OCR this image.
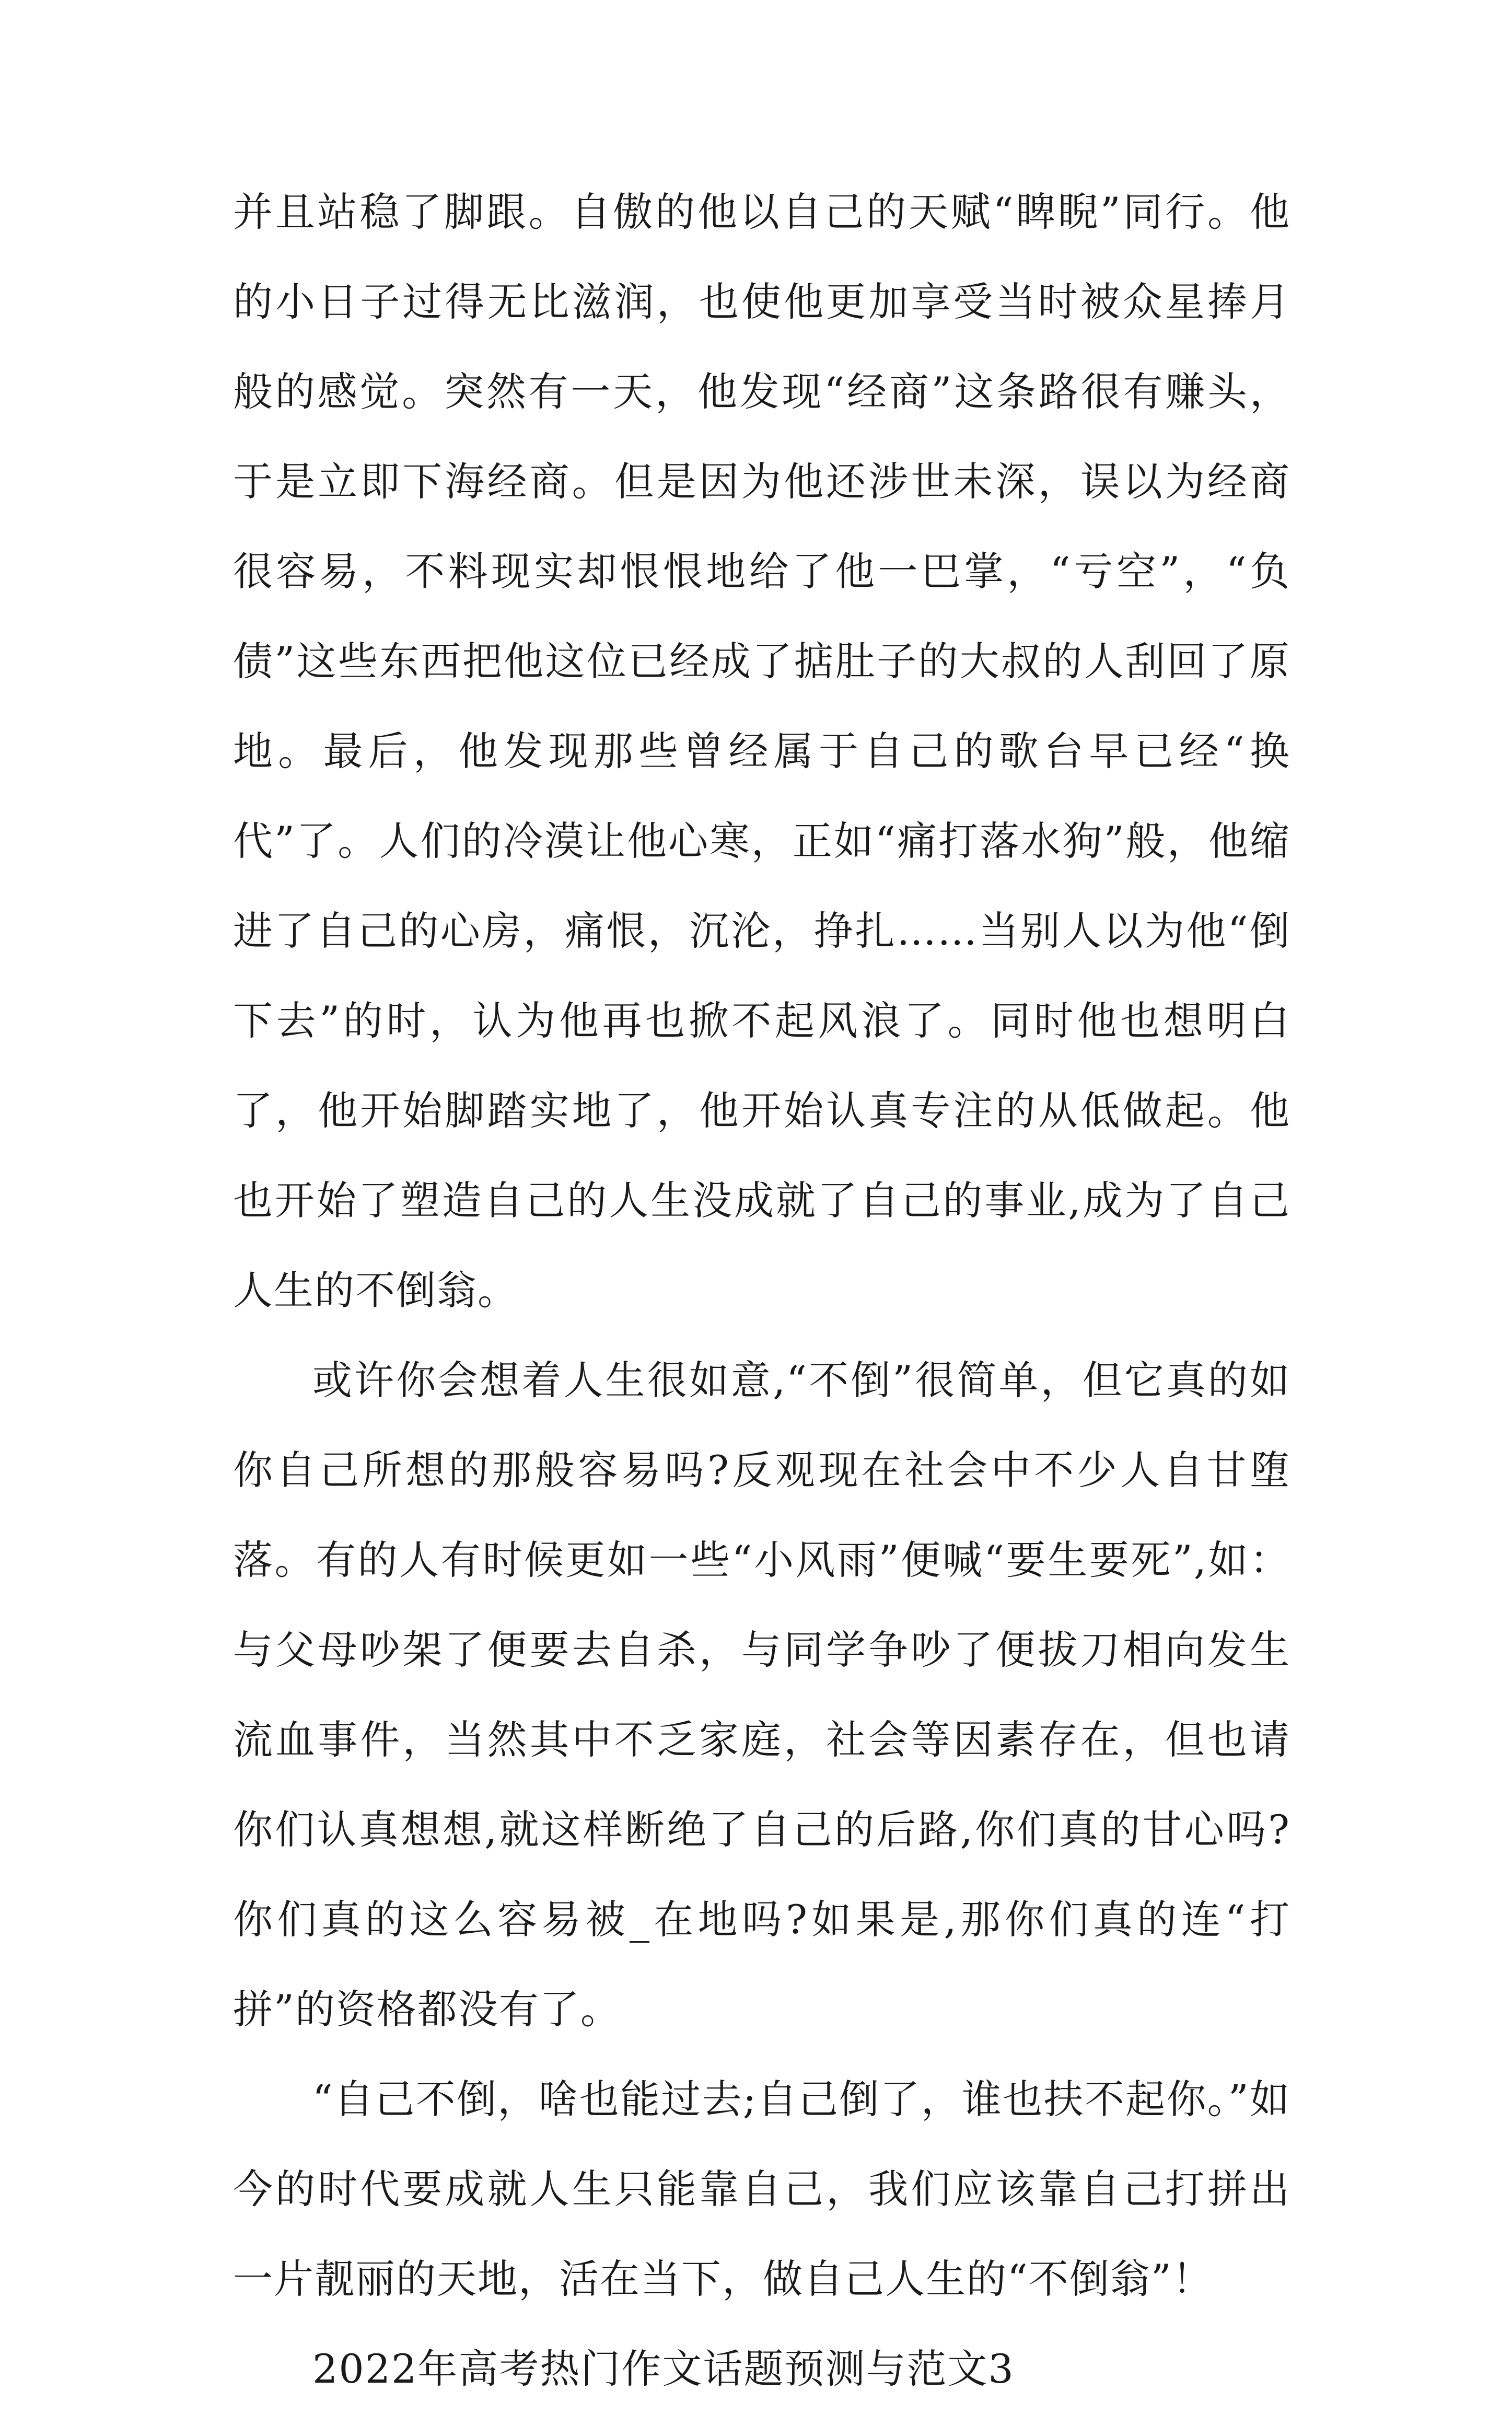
并且站稳了脚跟。自傲的他以自己的天赋“睥睨”同行。他的小日子过得无比滋润，也使他更加享受当时被众星捧月般的感觉。突然有一天，他发现“经商”这条路很有赚头，于是立即下海经商。但是因为他还涉世未深，误以为经商很容易，不料现实却恨恨地给了他一巴掌，“亏空”，“负债”这些东西把他这位已经成了掂肚子的大叔的人刮回了原地。最后，他发现那些曾经属于自己的歌台早已经“换代”了。人们的冷漠让他心寒，正如“痛打落水狗”般，他缩进了自己的心房，痛恨，沉沦，挣扎……当别人以为他“倒下去”的时，认为他再也掀不起风浪了。同时他也想明白了，他开始脚踏实地了，他开始认真专注的从低做起。他也开始了塑造自己的人生没成就了自己的事业,成为了自己人生的不倒翁。

或许你会想着人生很如意,“不倒”很简单，但它真的如你自己所想的那般容易吗?反观现在社会中不少人自甘堕落。有的人有时候更如一些“小风雨”便喊“要生要死”,如：与父母吵架了便要去自杀，与同学争吵了便拔刀相向发生流血事件，当然其中不乏家庭，社会等因素存在，但也请你们认真想想,就这样断绝了自己的后路,你们真的甘心吗?你们真的这么容易被_在地吗?如果是,那你们真的连“打拼”的资格都没有了。

“自己不倒，啥也能过去;自己倒了，谁也扶不起你。”如今的时代要成就人生只能靠自己，我们应该靠自己打拼出一片靓丽的天地，活在当下，做自己人生的“不倒翁”！

2022年高考热门作文话题预测与范文3
